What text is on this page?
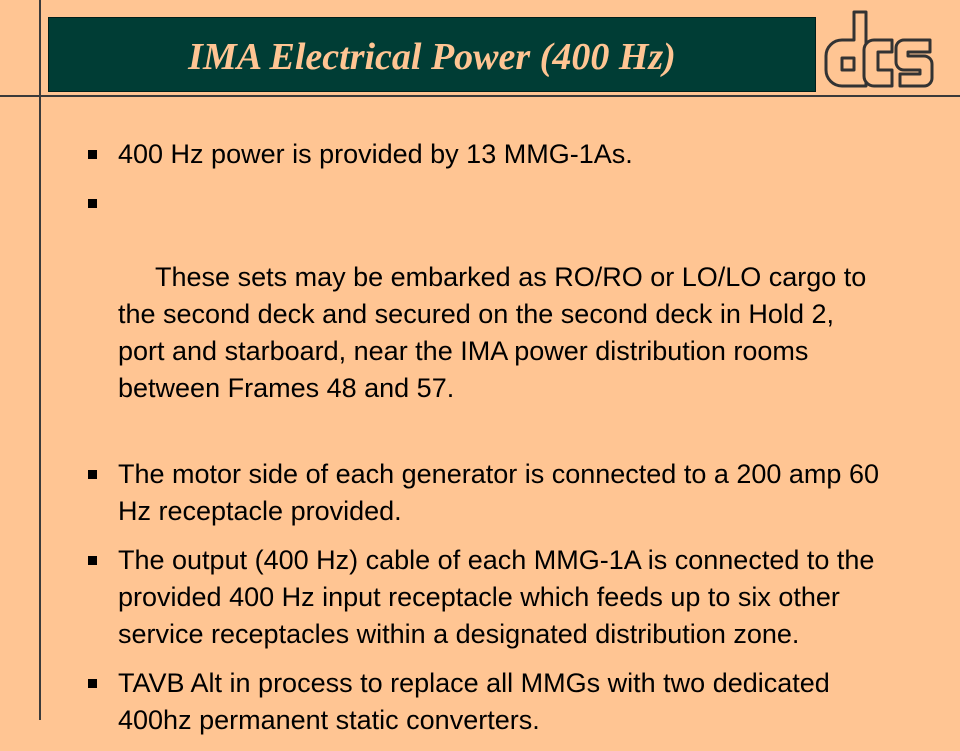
IMA Electrical Power (400 Hz)
400 Hz power is provided by 13 MMG-1As.

These sets may be embarked as RO/RO or LO/LO cargo to the second deck and secured on the second deck in Hold 2, port and starboard, near the IMA power distribution rooms between Frames 48 and 57.

The motor side of each generator is connected to a 200 amp 60 Hz receptacle provided.
The output (400 Hz) cable of each MMG-1A is connected to the provided 400 Hz input receptacle which feeds up to six other service receptacles within a designated distribution zone.
TAVB Alt in process to replace all MMGs with two dedicated 400hz permanent static converters.
